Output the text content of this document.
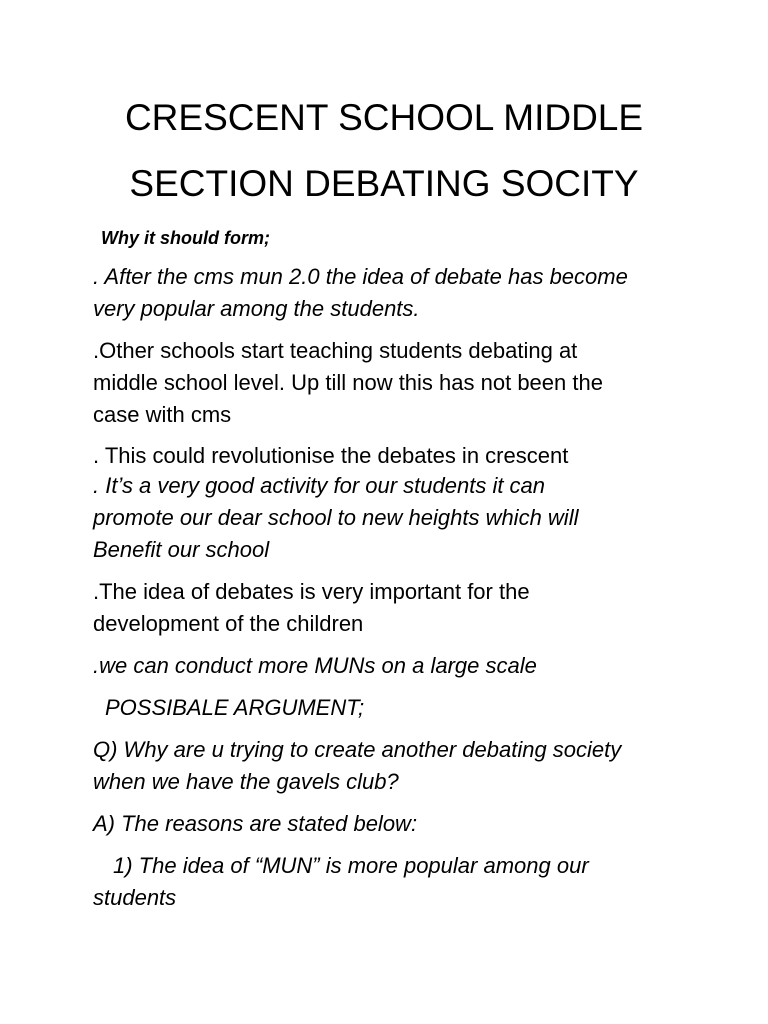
CRESCENT SCHOOL MIDDLE
SECTION DEBATING SOCITY
Why it should form;
. After the cms mun 2.0 the idea of debate has become
very popular among the students.
.Other schools start teaching students debating at
middle school level. Up till now this has not been the
case with cms
. This could revolutionise the debates in crescent
. It’s a very good activity for our students it can
promote our dear school to new heights which will
Benefit our school
.The idea of debates is very important for the
development of the children
.we can conduct more MUNs on a large scale
POSSIBALE ARGUMENT;
Q) Why are u trying to create another debating society
when we have the gavels club?
A) The reasons are stated below:
1) The idea of “MUN” is more popular among our
students
